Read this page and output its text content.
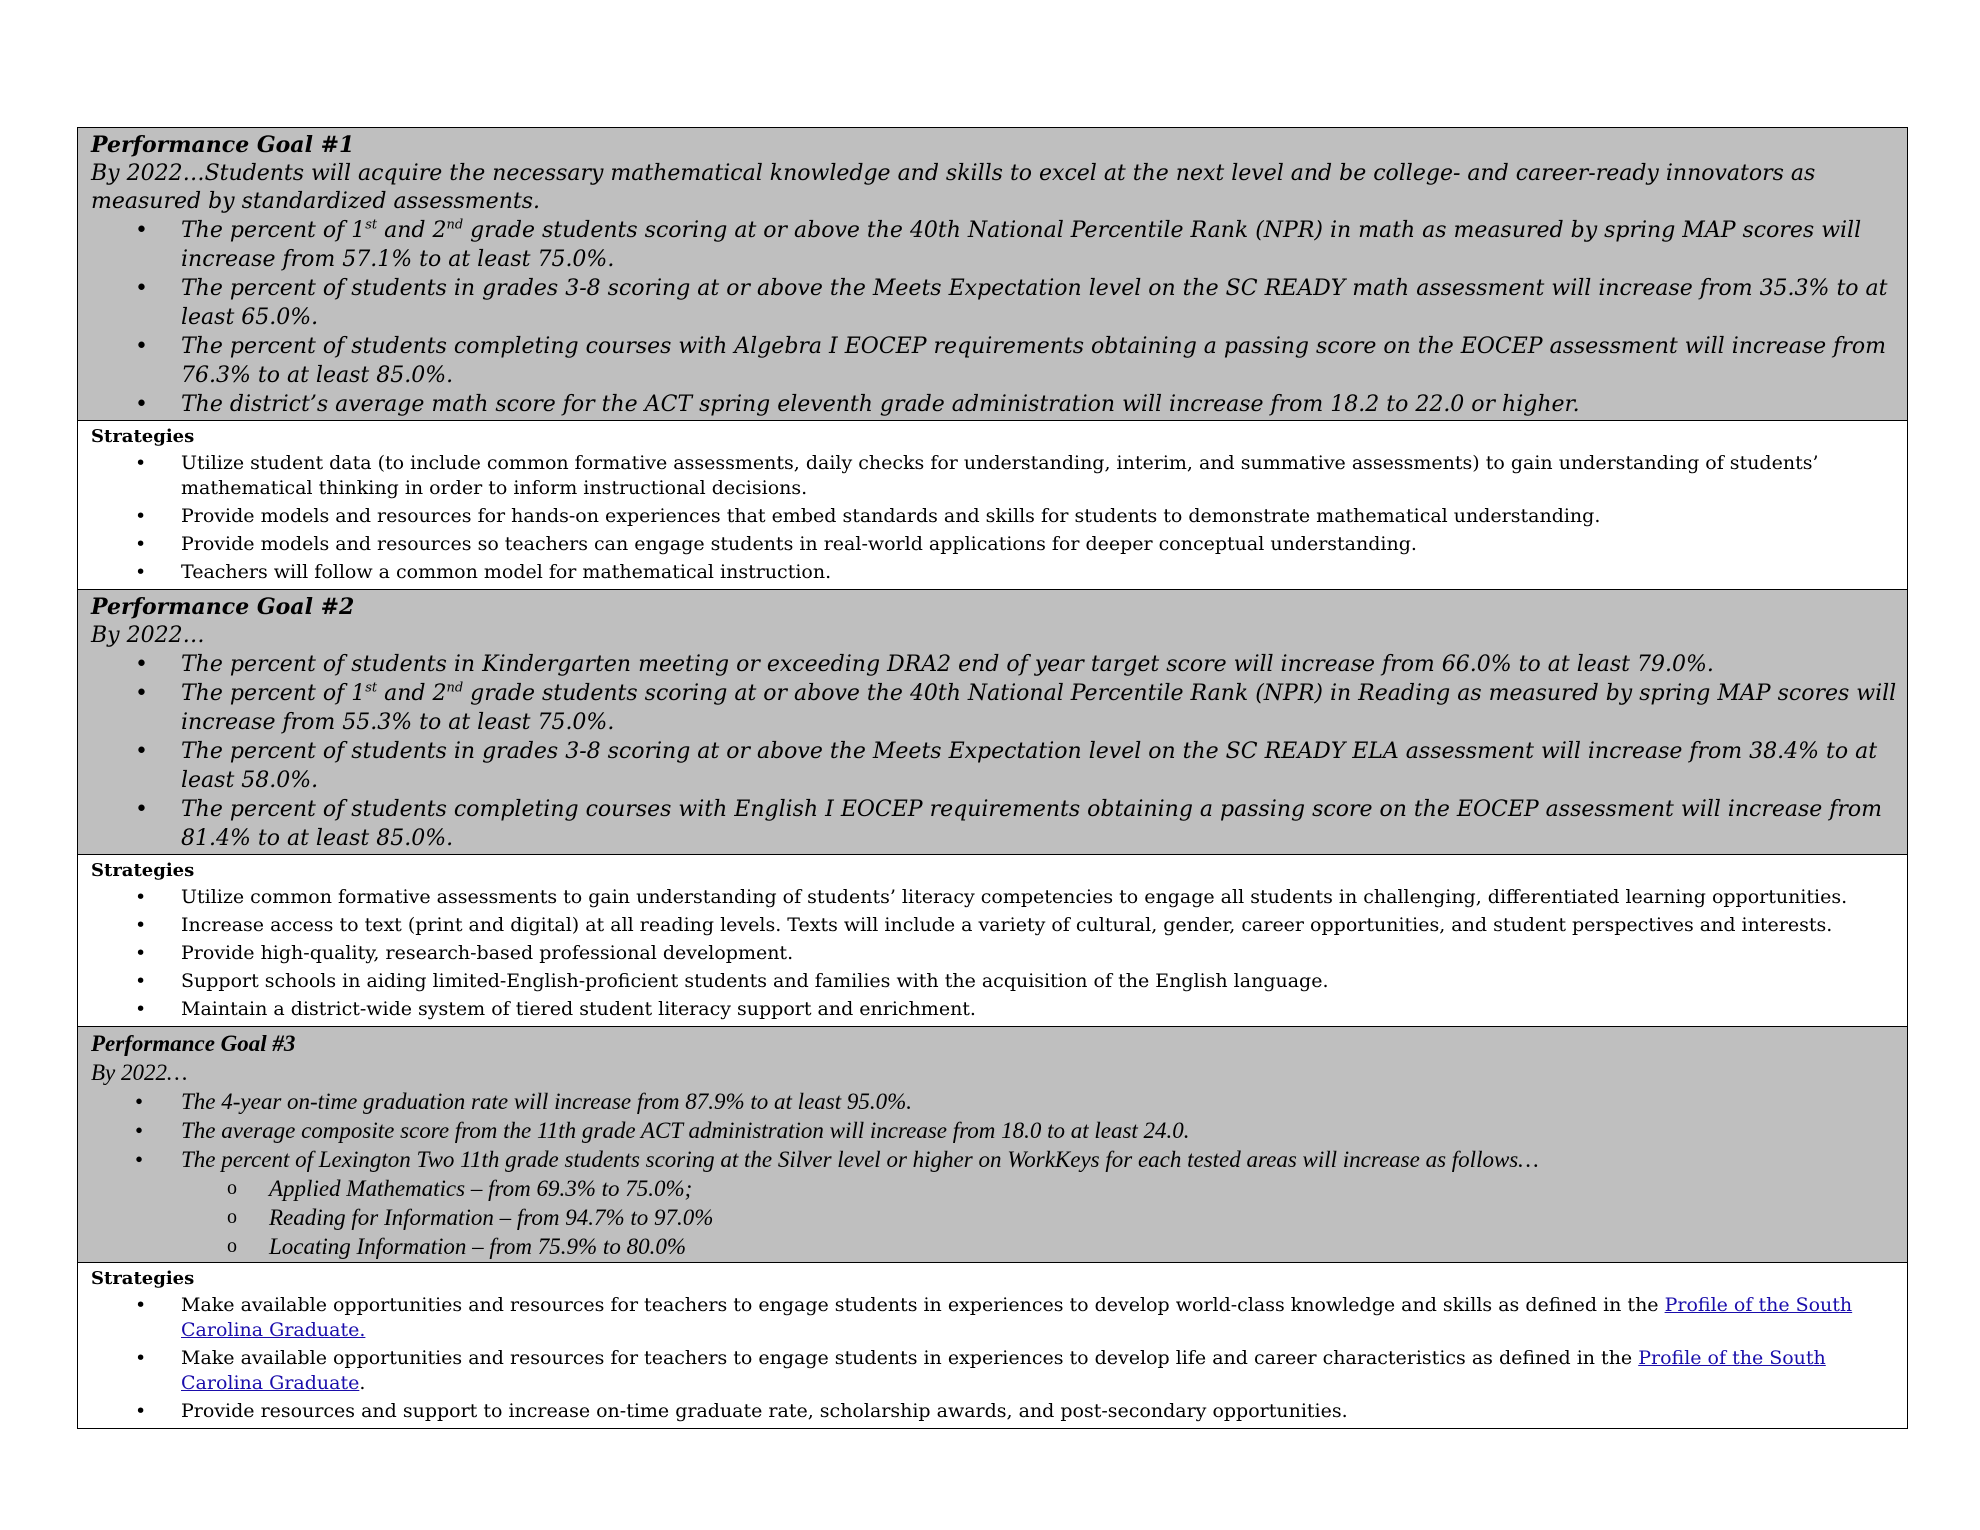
Performance Goal #1
By 2022…Students will acquire the necessary mathematical knowledge and skills to excel at the next level and be college- and career-ready innovators as measured by standardized assessments.
• The percent of 1st and 2nd grade students scoring at or above the 40th National Percentile Rank (NPR) in math as measured by spring MAP scores will increase from 57.1% to at least 75.0%.
• The percent of students in grades 3-8 scoring at or above the Meets Expectation level on the SC READY math assessment will increase from 35.3% to at least 65.0%.
• The percent of students completing courses with Algebra I EOCEP requirements obtaining a passing score on the EOCEP assessment will increase from 76.3% to at least 85.0%.
• The district’s average math score for the ACT spring eleventh grade administration will increase from 18.2 to 22.0 or higher.
Strategies
• Utilize student data (to include common formative assessments, daily checks for understanding, interim, and summative assessments) to gain understanding of students’ mathematical thinking in order to inform instructional decisions.
• Provide models and resources for hands-on experiences that embed standards and skills for students to demonstrate mathematical understanding.
• Provide models and resources so teachers can engage students in real-world applications for deeper conceptual understanding.
• Teachers will follow a common model for mathematical instruction.
Performance Goal #2
By 2022…
• The percent of students in Kindergarten meeting or exceeding DRA2 end of year target score will increase from 66.0% to at least 79.0%.
• The percent of 1st and 2nd grade students scoring at or above the 40th National Percentile Rank (NPR) in Reading as measured by spring MAP scores will increase from 55.3% to at least 75.0%.
• The percent of students in grades 3-8 scoring at or above the Meets Expectation level on the SC READY ELA assessment will increase from 38.4% to at least 58.0%.
• The percent of students completing courses with English I EOCEP requirements obtaining a passing score on the EOCEP assessment will increase from 81.4% to at least 85.0%.
Strategies
• Utilize common formative assessments to gain understanding of students’ literacy competencies to engage all students in challenging, differentiated learning opportunities.
• Increase access to text (print and digital) at all reading levels. Texts will include a variety of cultural, gender, career opportunities, and student perspectives and interests.
• Provide high-quality, research-based professional development.
• Support schools in aiding limited-English-proficient students and families with the acquisition of the English language.
• Maintain a district-wide system of tiered student literacy support and enrichment.
Performance Goal #3
By 2022…
• The 4-year on-time graduation rate will increase from 87.9% to at least 95.0%.
• The average composite score from the 11th grade ACT administration will increase from 18.0 to at least 24.0.
• The percent of Lexington Two 11th grade students scoring at the Silver level or higher on WorkKeys for each tested areas will increase as follows…
o Applied Mathematics – from 69.3% to 75.0%;
o Reading for Information – from 94.7% to 97.0%
o Locating Information – from 75.9% to 80.0%
Strategies
• Make available opportunities and resources for teachers to engage students in experiences to develop world-class knowledge and skills as defined in the Profile of the South Carolina Graduate.
• Make available opportunities and resources for teachers to engage students in experiences to develop life and career characteristics as defined in the Profile of the South Carolina Graduate.
• Provide resources and support to increase on-time graduate rate, scholarship awards, and post-secondary opportunities.
